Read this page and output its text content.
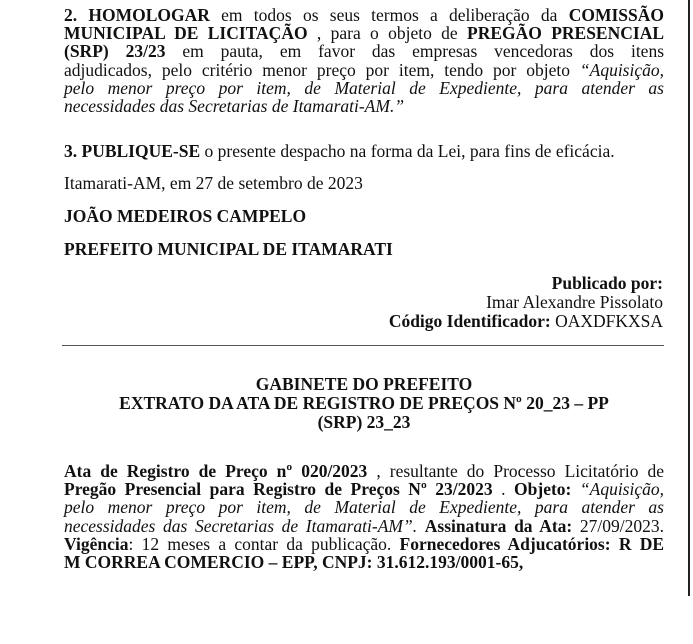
2. HOMOLOGAR em todos os seus termos a deliberação da COMISSÃO
MUNICIPAL DE LICITAÇÃO , para o objeto de PREGÃO PRESENCIAL
(SRP) 23/23 em pauta, em favor das empresas vencedoras dos itens
adjudicados, pelo critério menor preço por item, tendo por objeto “Aquisição,
pelo menor preço por item, de Material de Expediente, para atender as
necessidades das Secretarias de Itamarati-AM.”
3. PUBLIQUE-SE o presente despacho na forma da Lei, para fins de eficácia.
Itamarati-AM, em 27 de setembro de 2023
JOÃO MEDEIROS CAMPELO
PREFEITO MUNICIPAL DE ITAMARATI
Publicado por:
Imar Alexandre Pissolato
Código Identificador: OAXDFKXSA
GABINETE DO PREFEITO
EXTRATO DA ATA DE REGISTRO DE PREÇOS Nº 20_23 – PP
(SRP) 23_23
Ata de Registro de Preço nº 020/2023 , resultante do Processo Licitatório de
Pregão Presencial para Registro de Preços Nº 23/2023 . Objeto: “Aquisição,
pelo menor preço por item, de Material de Expediente, para atender as
necessidades das Secretarias de Itamarati-AM”. Assinatura da Ata: 27/09/2023.
Vigência: 12 meses a contar da publicação. Fornecedores Adjucatórios: R DE
M CORREA COMERCIO – EPP, CNPJ: 31.612.193/0001-65,
